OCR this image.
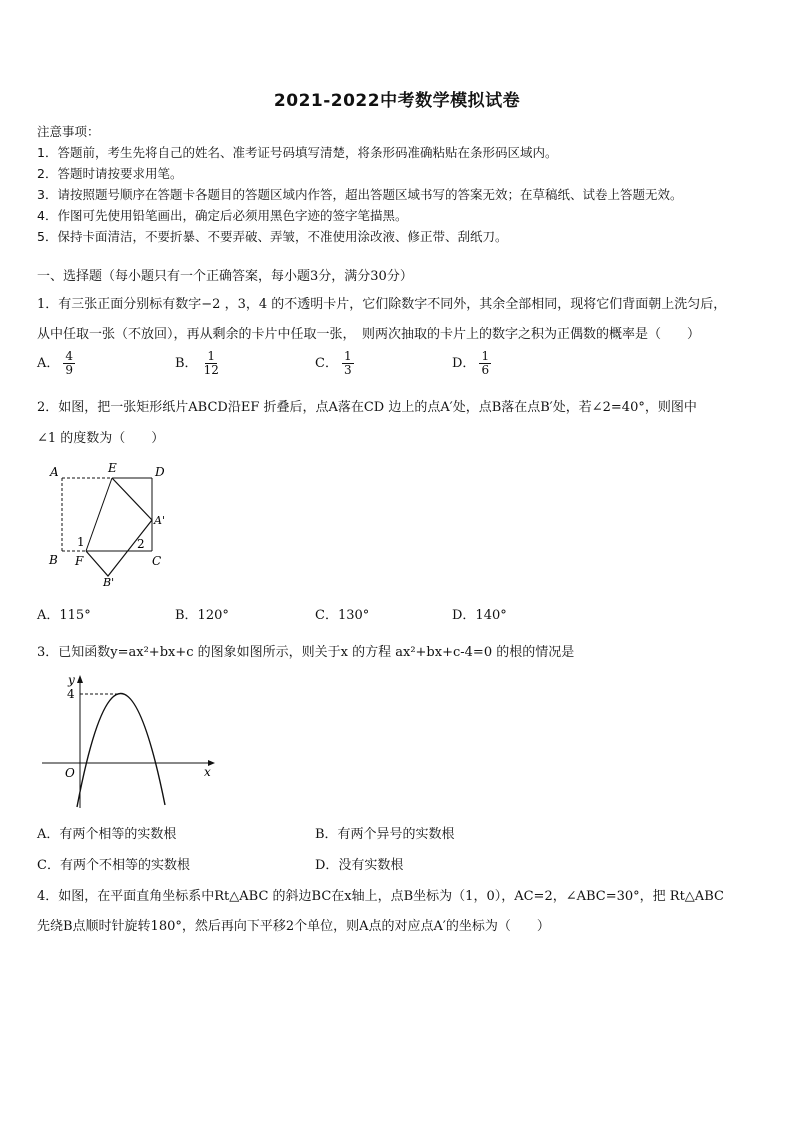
2021-2022中考数学模拟试卷
注意事项：
1．答题前，考生先将自己的姓名、准考证号码填写清楚，将条形码准确粘贴在条形码区域内。
2．答题时请按要求用笔。
3．请按照题号顺序在答题卡各题目的答题区域内作答，超出答题区域书写的答案无效；在草稿纸、试卷上答题无效。
4．作图可先使用铅笔画出，确定后必须用黑色字迹的签字笔描黑。
5．保持卡面清洁，不要折暴、不要弄破、弄皱，不准使用涂改液、修正带、刮纸刀。
一、选择题（每小题只有一个正确答案，每小题3分，满分30分）
1．有三张正面分别标有数字−2 ，3，4 的不透明卡片，它们除数字不同外，其余全部相同，现将它们背面朝上洗匀后，
从中任取一张（不放回），再从剩余的卡片中任取一张，　则两次抽取的卡片上的数字之积为正偶数的概率是（　　）
A． $\frac{4}{9}$	B． $\frac{1}{12}$	C． $\frac{1}{3}$	D． $\frac{1}{6}$
2．如图，把一张矩形纸片ABCD沿EF 折叠后，点A落在CD 边上的点A′处，点B落在点B′处，若∠2=40°，则图中
∠1 的度数为（　　）
A	E	D
A'
B F	C
B'
1	2
A．115°	B．120°	C．130°	D．140°
3．已知函数y=ax²+bx+c 的图象如图所示，则关于x 的方程 ax²+bx+c-4=0 的根的情况是
y
x
O
4
A．有两个相等的实数根	B．有两个异号的实数根
C．有两个不相等的实数根	D．没有实数根
4．如图，在平面直角坐标系中Rt△ABC 的斜边BC在x轴上，点B坐标为（1，0），AC=2，∠ABC=30°，把 Rt△ABC
先绕B点顺时针旋转180°，然后再向下平移2个单位，则A点的对应点A′的坐标为（　　）
